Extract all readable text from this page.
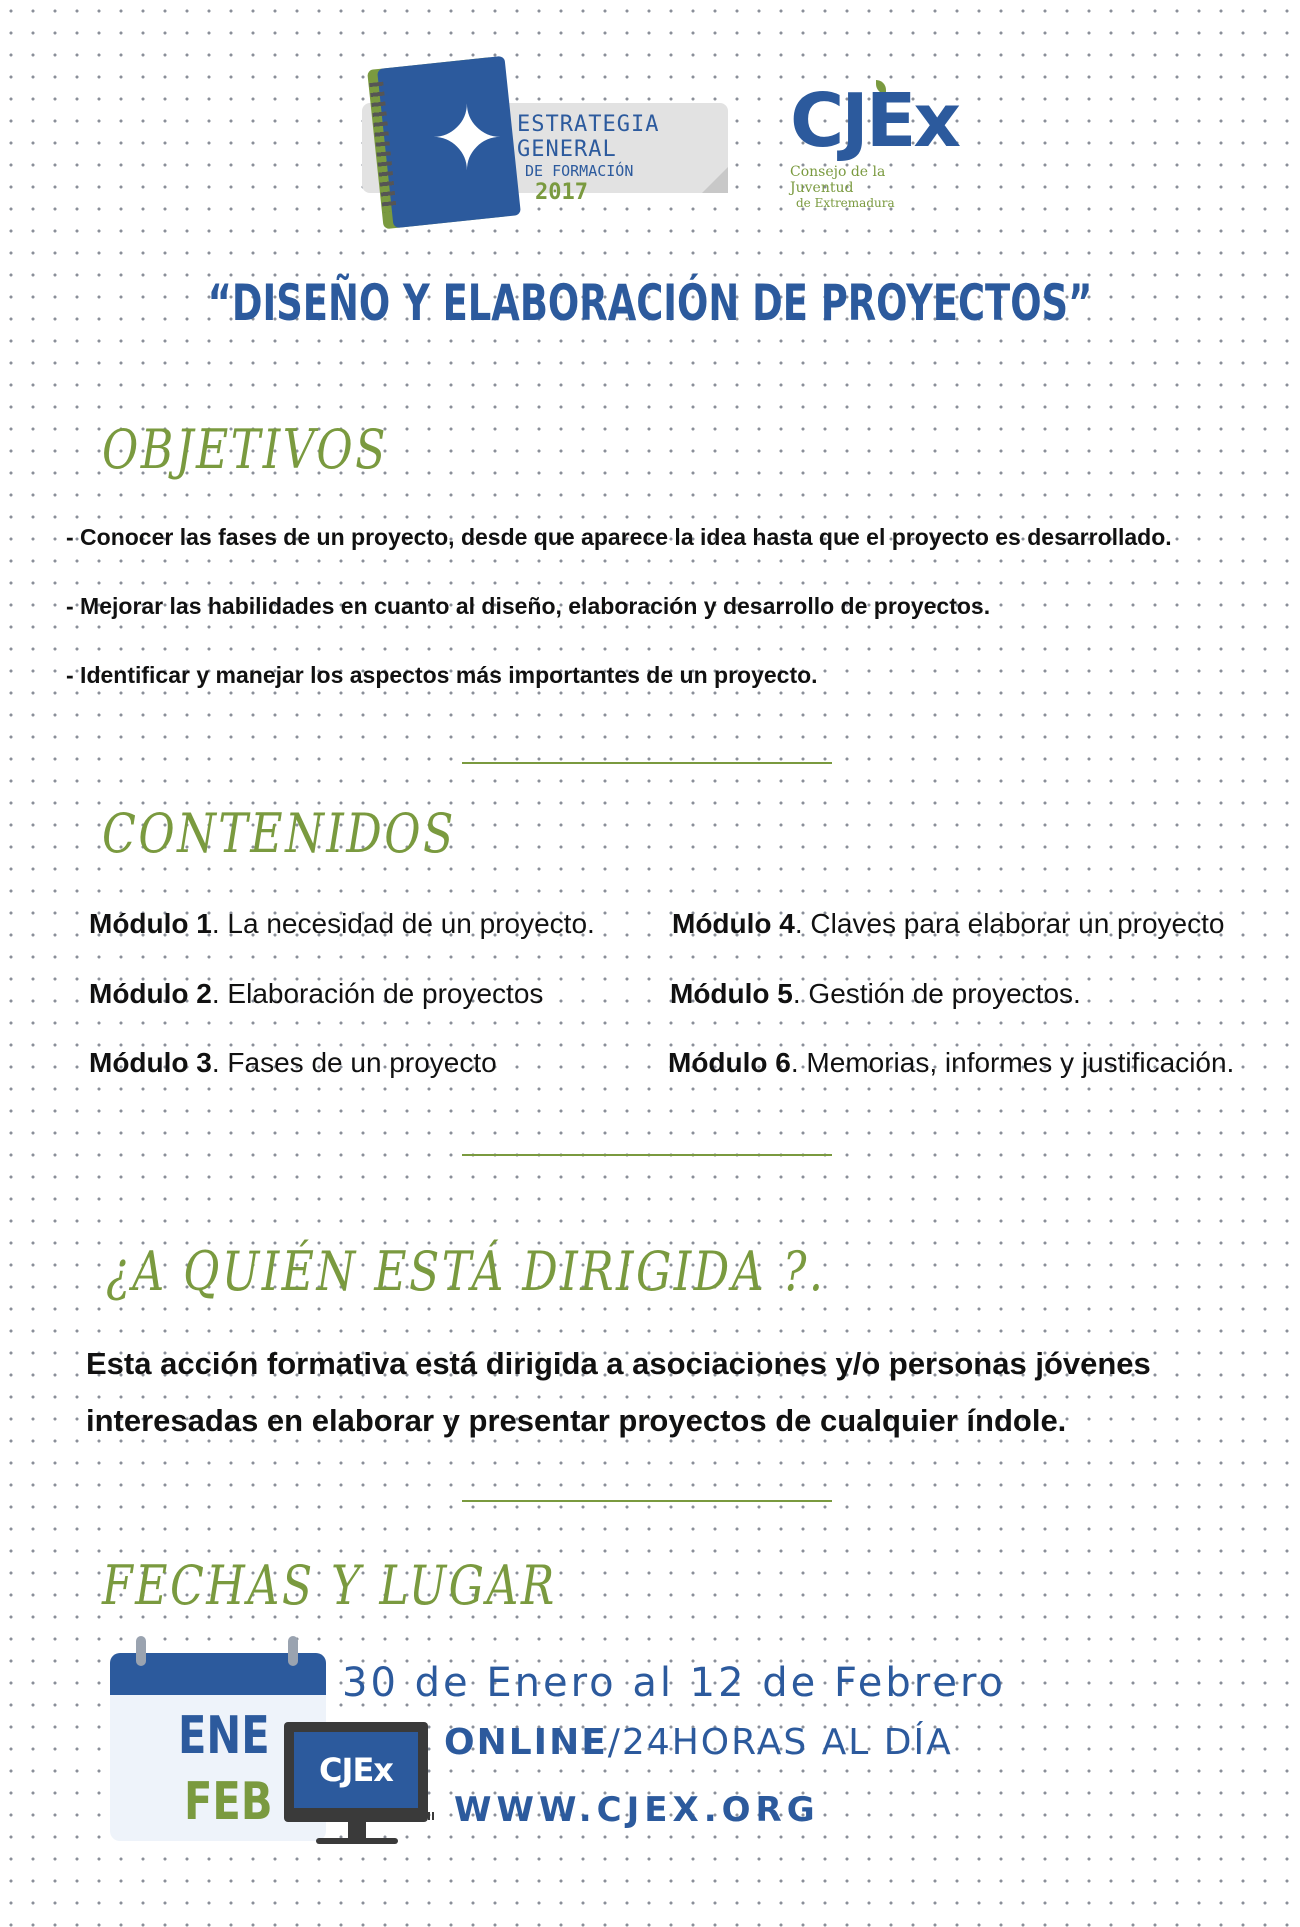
✦ ESTRATEGIA GENERAL
DE FORMACIÓN
2017
CJEx
Consejo de la Juventud
de Extremadura
“DISEÑO Y ELABORACIÓN DE PROYECTOS”
OBJETIVOS
- Conocer las fases de un proyecto, desde que aparece la idea hasta que el proyecto es desarrollado.
- Mejorar las habilidades en cuanto al diseño, elaboración y desarrollo de proyectos.
- Identificar y manejar los aspectos más importantes de un proyecto.
CONTENIDOS
Módulo 1. La necesidad de un proyecto.
Módulo 2. Elaboración de proyectos
Módulo 3. Fases de un proyecto
Módulo 4. Claves para elaborar un proyecto
Módulo 5. Gestión de proyectos.
Módulo 6. Memorias, informes y justificación.
¿A QUIÉN ESTÁ DIRIGIDA ?.
Esta acción formativa está dirigida a asociaciones y/o personas jóvenes interesadas en elaborar y presentar proyectos de cualquier índole.
FECHAS Y LUGAR
ENE
FEB
CJEx
30 de Enero al 12 de Febrero
ONLINE/24HORAS AL DÍA
WWW.CJEX.ORG
